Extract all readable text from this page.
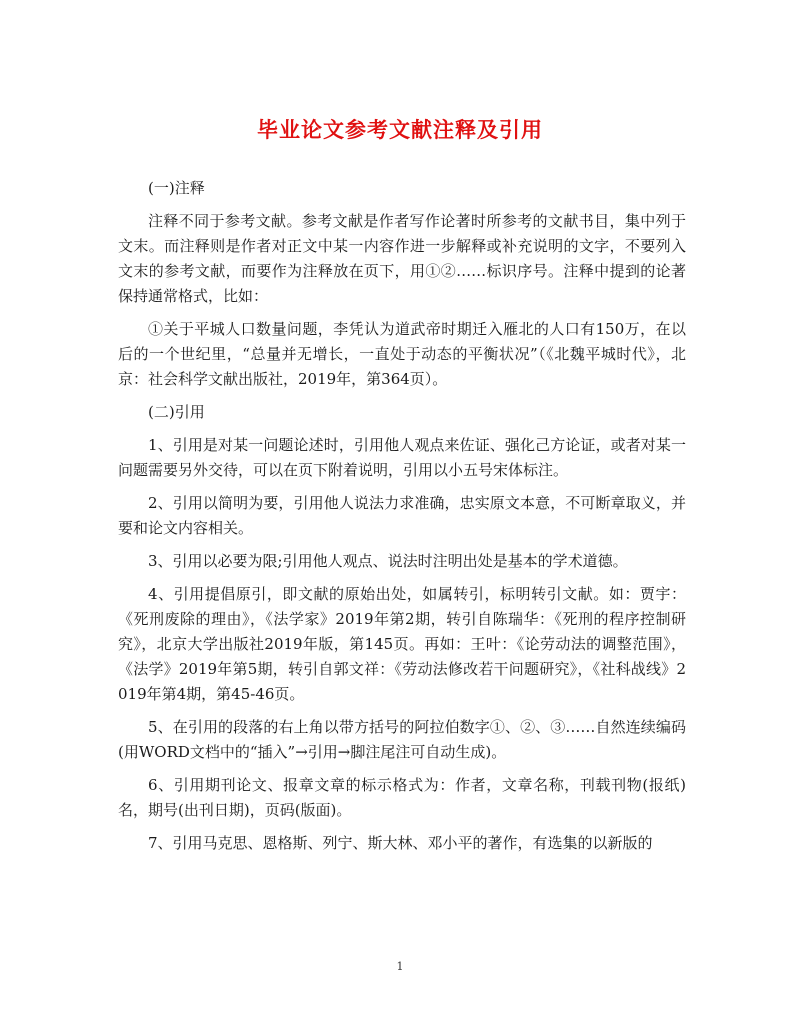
毕业论文参考文献注释及引用

(一)注释

注释不同于参考文献。参考文献是作者写作论著时所参考的文献书目，集中列于文末。而注释则是作者对正文中某一内容作进一步解释或补充说明的文字，不要列入文末的参考文献，而要作为注释放在页下，用①②……标识序号。注释中提到的论著保持通常格式，比如：

①关于平城人口数量问题，李凭认为道武帝时期迁入雁北的人口有150万，在以后的一个世纪里，“总量并无增长，一直处于动态的平衡状况”（《北魏平城时代》，北京：社会科学文献出版社，2019年，第364页）。

(二)引用

1、引用是对某一问题论述时，引用他人观点来佐证、强化己方论证，或者对某一问题需要另外交待，可以在页下附着说明，引用以小五号宋体标注。

2、引用以简明为要，引用他人说法力求准确，忠实原文本意，不可断章取义，并要和论文内容相关。

3、引用以必要为限;引用他人观点、说法时注明出处是基本的学术道德。

4、引用提倡原引，即文献的原始出处，如属转引，标明转引文献。如：贾宇：《死刑废除的理由》，《法学家》2019年第2期，转引自陈瑞华：《死刑的程序控制研究》，北京大学出版社2019年版，第145页。再如：王叶：《论劳动法的调整范围》，《法学》2019年第5期，转引自郭文祥：《劳动法修改若干问题研究》，《社科战线》2019年第4期，第45-46页。

5、在引用的段落的右上角以带方括号的阿拉伯数字①、②、③……自然连续编码(用WORD文档中的“插入”→引用→脚注尾注可自动生成)。

6、引用期刊论文、报章文章的标示格式为：作者，文章名称，刊载刊物(报纸)名，期号(出刊日期)，页码(版面)。

7、引用马克思、恩格斯、列宁、斯大林、邓小平的著作，有选集的以新版的

1
